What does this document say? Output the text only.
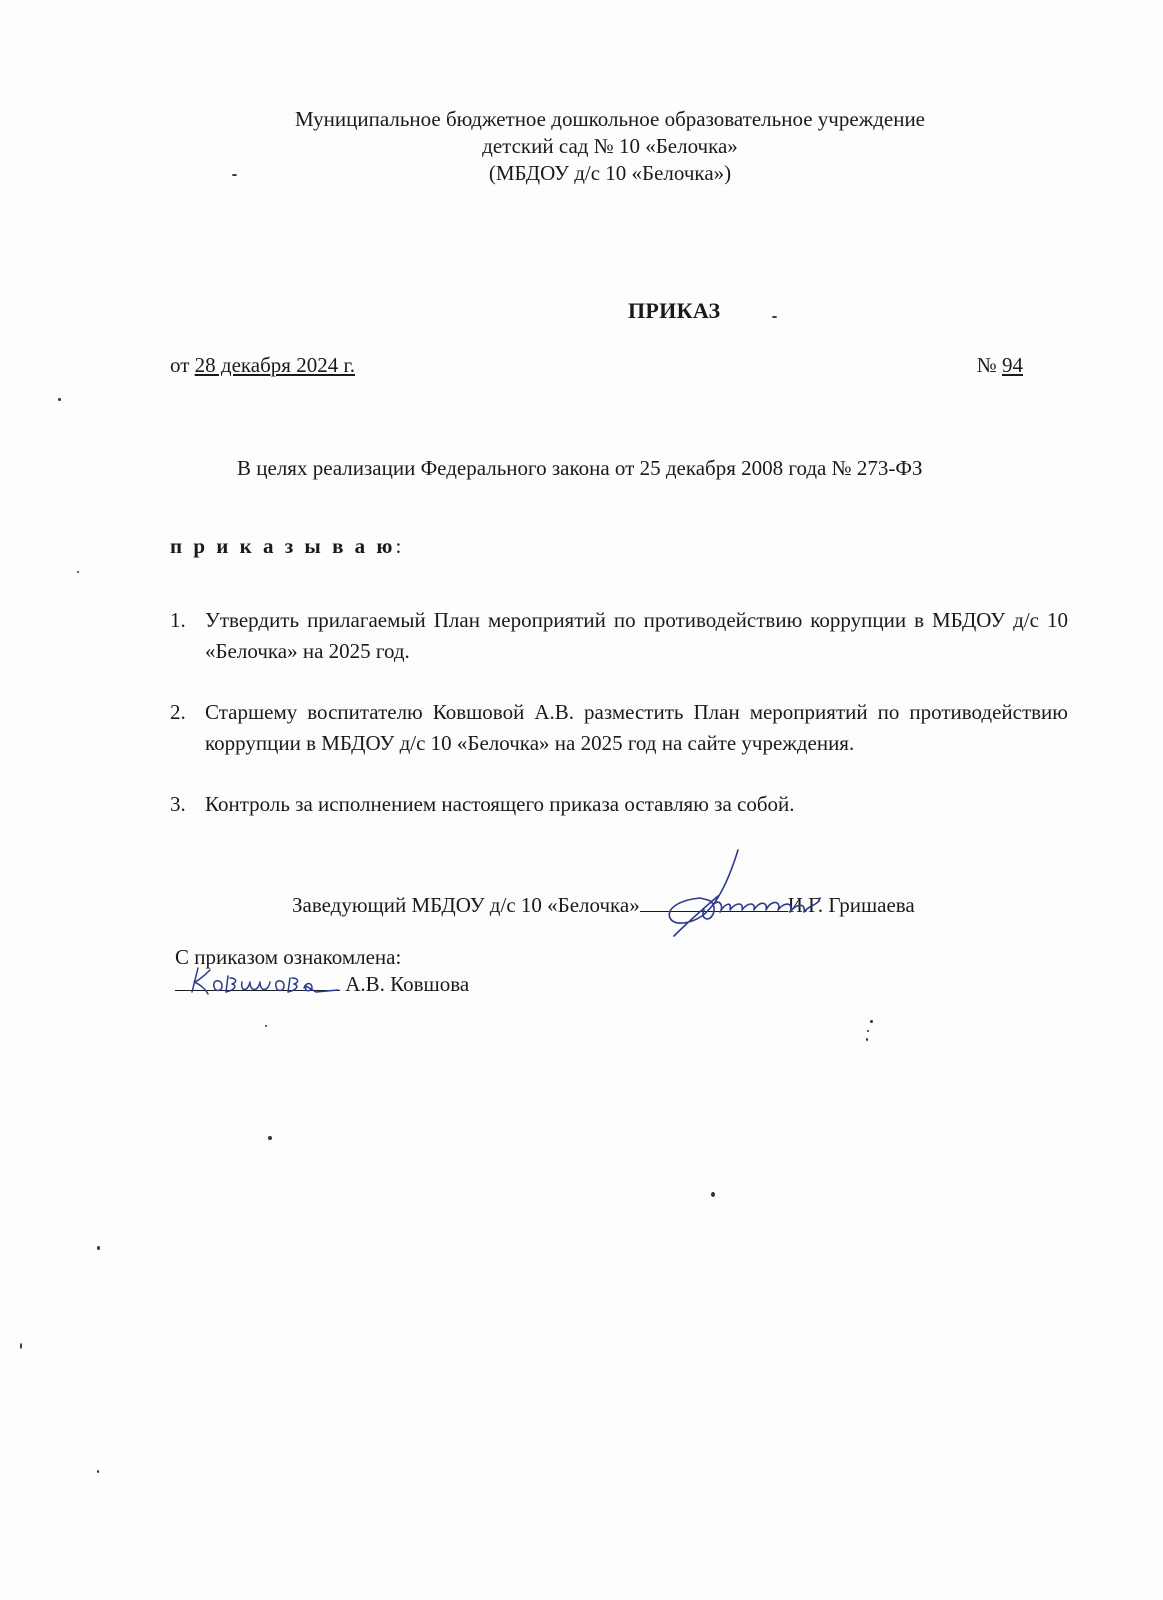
Муниципальное бюджетное дошкольное образовательное учреждение
детский сад № 10 «Белочка»
(МБДОУ д/с 10 «Белочка»)
ПРИКАЗ
от 28 декабря 2024 г.	№ 94
В целях реализации Федерального закона от 25 декабря 2008 года № 273-ФЗ
п р и к а з ы в а ю:
1. Утвердить прилагаемый План мероприятий по противодействию коррупции в МБДОУ д/с 10 «Белочка» на 2025 год.
2. Старшему воспитателю Ковшовой А.В. разместить План мероприятий по противодействию коррупции в МБДОУ д/с 10 «Белочка» на 2025 год на сайте учреждения.
3. Контроль за исполнением настоящего приказа оставляю за собой.
Заведующий МБДОУ д/с 10 «Белочка»	И.Г. Гришаева
С приказом ознакомлена:
А.В. Ковшова
